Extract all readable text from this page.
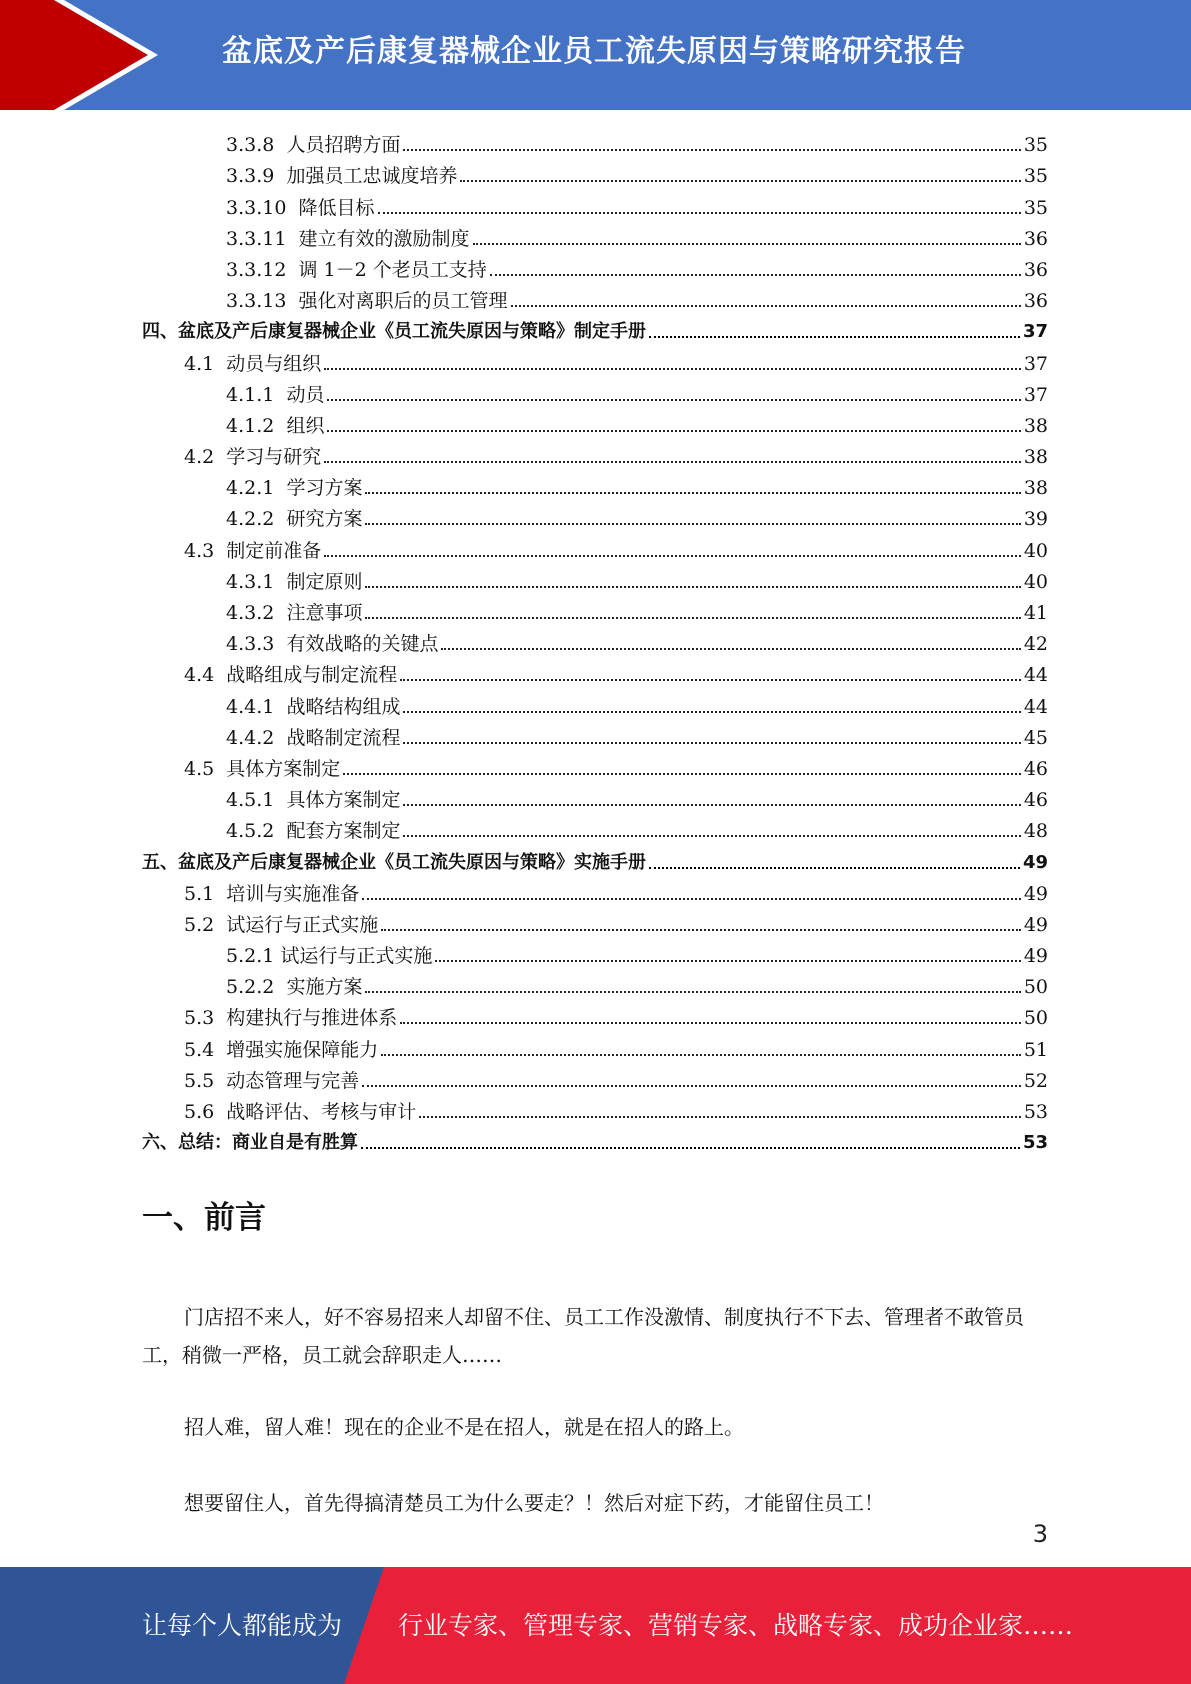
盆底及产后康复器械企业员工流失原因与策略研究报告
3.3.8 人员招聘方面	35
3.3.9 加强员工忠诚度培养	35
3.3.10 降低目标	35
3.3.11 建立有效的激励制度	36
3.3.12 调 1－2 个老员工支持	36
3.3.13 强化对离职后的员工管理	36
四、盆底及产后康复器械企业《员工流失原因与策略》制定手册	37
4.1 动员与组织	37
4.1.1 动员	37
4.1.2 组织	38
4.2 学习与研究	38
4.2.1 学习方案	38
4.2.2 研究方案	39
4.3 制定前准备	40
4.3.1 制定原则	40
4.3.2 注意事项	41
4.3.3 有效战略的关键点	42
4.4 战略组成与制定流程	44
4.4.1 战略结构组成	44
4.4.2 战略制定流程	45
4.5 具体方案制定	46
4.5.1 具体方案制定	46
4.5.2 配套方案制定	48
五、盆底及产后康复器械企业《员工流失原因与策略》实施手册	49
5.1 培训与实施准备	49
5.2 试运行与正式实施	49
5.2.1 试运行与正式实施	49
5.2.2 实施方案	50
5.3 构建执行与推进体系	50
5.4 增强实施保障能力	51
5.5 动态管理与完善	52
5.6 战略评估、考核与审计	53
六、总结：商业自是有胜算	53
一、前言

门店招不来人，好不容易招来人却留不住、员工工作没激情、制度执行不下去、管理者不敢管员工，稍微一严格，员工就会辞职走人……

招人难，留人难！现在的企业不是在招人，就是在招人的路上。

想要留住人，首先得搞清楚员工为什么要走？！然后对症下药，才能留住员工！

3
让每个人都能成为 行业专家、管理专家、营销专家、战略专家、成功企业家……
